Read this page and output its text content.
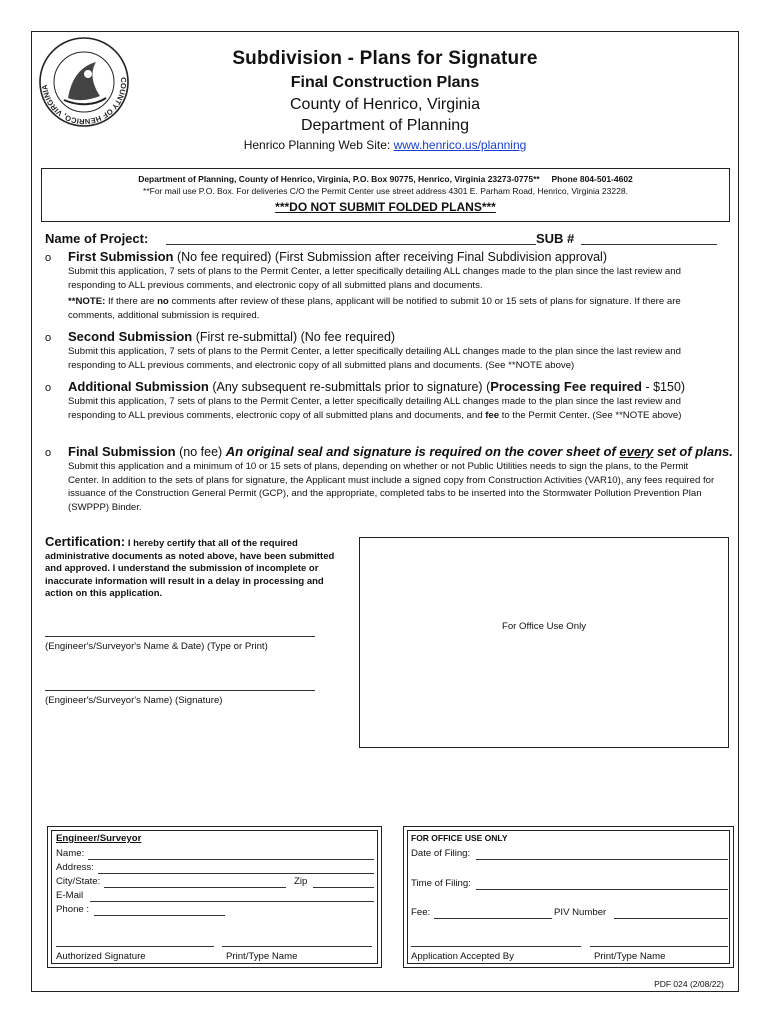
COUNTY OF HENRICO, VIRGINIA
Subdivision - Plans for Signature
Final Construction Plans
County of Henrico, Virginia
Department of Planning
Henrico Planning Web Site: www.henrico.us/planning
Department of Planning, County of Henrico, Virginia, P.O. Box 90775, Henrico, Virginia 23273-0775** Phone 804-501-4602
**For mail use P.O. Box. For deliveries C/O the Permit Center use street address 4301 E. Parham Road, Henrico, Virginia 23228.
***DO NOT SUBMIT FOLDED PLANS***
Name of Project:	SUB #
o First Submission (No fee required) (First Submission after receiving Final Subdivision approval)
Submit this application, 7 sets of plans to the Permit Center, a letter specifically detailing ALL changes made to the plan since the last review and responding to ALL previous comments, and electronic copy of all submitted plans and documents.
**NOTE: If there are no comments after review of these plans, applicant will be notified to submit 10 or 15 sets of plans for signature. If there are comments, additional submission is required.
o Second Submission (First re-submittal) (No fee required)
Submit this application, 7 sets of plans to the Permit Center, a letter specifically detailing ALL changes made to the plan since the last review and responding to ALL previous comments, and electronic copy of all submitted plans and documents. (See **NOTE above)
o Additional Submission (Any subsequent re-submittals prior to signature) (Processing Fee required - $150)
Submit this application, 7 sets of plans to the Permit Center, a letter specifically detailing ALL changes made to the plan since the last review and responding to ALL previous comments, electronic copy of all submitted plans and documents, and fee to the Permit Center. (See **NOTE above)
o Final Submission (no fee) An original seal and signature is required on the cover sheet of every set of plans.
Submit this application and a minimum of 10 or 15 sets of plans, depending on whether or not Public Utilities needs to sign the plans, to the Permit Center. In addition to the sets of plans for signature, the Applicant must include a signed copy from Construction Activities (VAR10), any fees required for issuance of the Construction General Permit (GCP), and the appropriate, completed tabs to be inserted into the Stormwater Pollution Prevention Plan (SWPPP) Binder.
Certification: I hereby certify that all of the required administrative documents as noted above, have been submitted and approved. I understand the submission of incomplete or inaccurate information will result in a delay in processing and action on this application.
(Engineer's/Surveyor's Name & Date) (Type or Print)
(Engineer's/Surveyor's Name) (Signature)
For Office Use Only
Engineer/Surveyor
Name:
Address:
City/State:	Zip
E-Mail
Phone :
Authorized Signature	Print/Type Name
FOR OFFICE USE ONLY
Date of Filing:
Time of Filing:
Fee:	PIV Number
Application Accepted By	Print/Type Name
PDF 024 (2/08/22)
